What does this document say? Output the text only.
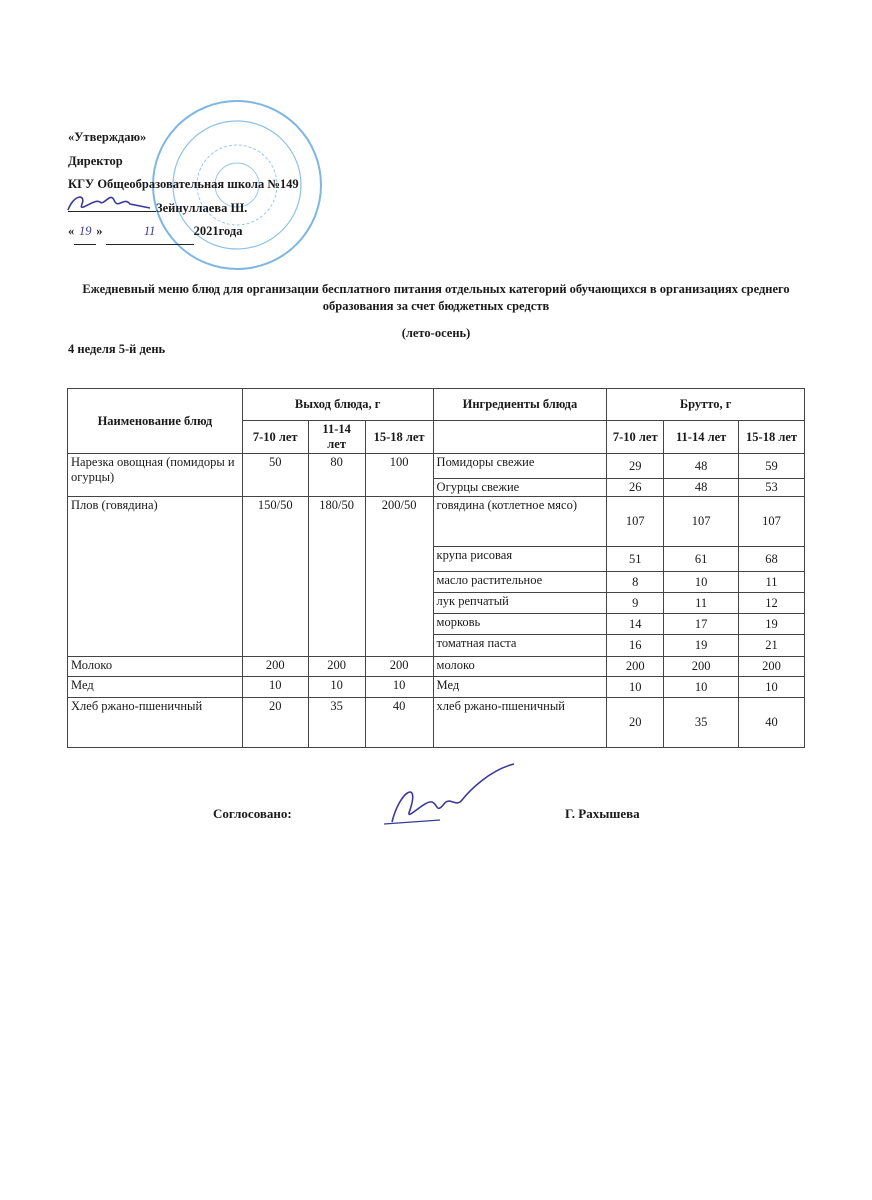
«Утверждаю»
Директор
КГУ Общеобразовательная школа №149
Зейнуллаева Ш.
« 19 »	11	2021года
Ежедневный меню блюд для организации бесплатного питания отдельных категорий обучающихся в организациях среднего образования за счет бюджетных средств
(лето-осень)
4 неделя 5-й день
Наименование блюд	Выход блюда, г			Ингредиенты блюда	Брутто, г		
	7-10 лет	11-14 лет	15-18 лет		7-10 лет	11-14 лет	15-18 лет
Нарезка овощная (помидоры и огурцы)	50	80	100	Помидоры свежие	29	48	59
				Огурцы свежие	26	48	53
Плов (говядина)	150/50	180/50	200/50	говядина (котлетное мясо)	107	107	107
				крупа рисовая	51	61	68
				масло растительное	8	10	11
				лук репчатый	9	11	12
				морковь	14	17	19
				томатная паста	16	19	21
Молоко	200	200	200	молоко	200	200	200
Мед	10	10	10	Мед	10	10	10
Хлеб ржано-пшеничный	20	35	40	хлеб ржано-пшеничный	20	35	40
Соглосовано:	Г. Рахышева
